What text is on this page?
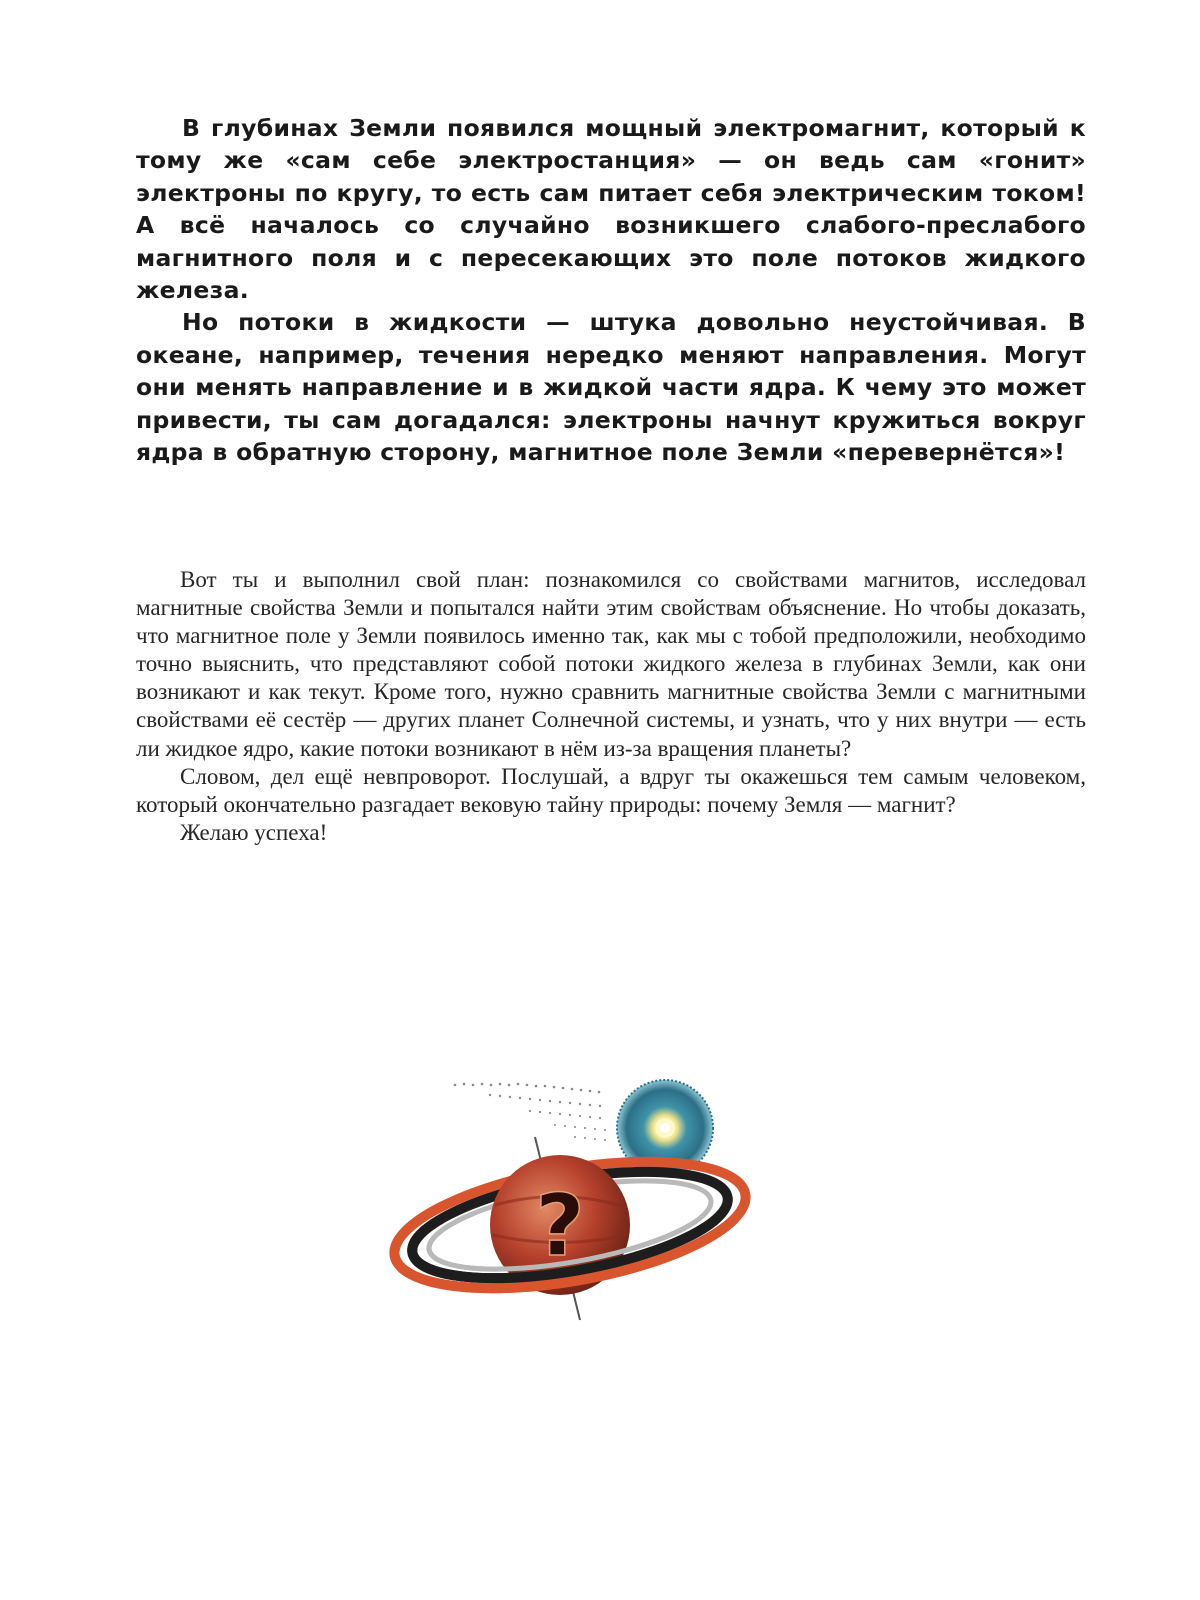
В глубинах Земли появился мощный электромагнит, который к тому же «сам себе электростанция» — он ведь сам «гонит» электроны по кругу, то есть сам питает себя электрическим током! А всё началось со случайно возникшего слабого-преслабого магнитного поля и с пересекающих это поле потоков жидкого железа.

Но потоки в жидкости — штука довольно неустойчивая. В океане, например, течения нередко меняют направления. Могут они менять направление и в жидкой части ядра. К чему это может привести, ты сам догадался: электроны начнут кружиться вокруг ядра в обратную сторону, магнитное поле Земли «перевернётся»!

Вот ты и выполнил свой план: познакомился со свойствами магнитов, исследовал магнитные свойства Земли и попытался найти этим свойствам объяснение. Но чтобы доказать, что магнитное поле у Земли появилось именно так, как мы с тобой предположили, необходимо точно выяснить, что представляют собой потоки жидкого железа в глубинах Земли, как они возникают и как текут. Кроме того, нужно сравнить магнитные свойства Земли с магнитными свойствами её сестёр — других планет Солнечной системы, и узнать, что у них внутри — есть ли жидкое ядро, какие потоки возникают в нём из-за вращения планеты?

Словом, дел ещё невпроворот. Послушай, а вдруг ты окажешься тем самым человеком, который окончательно разгадает вековую тайну природы: почему Земля — магнит?

Желаю успеха!

?
